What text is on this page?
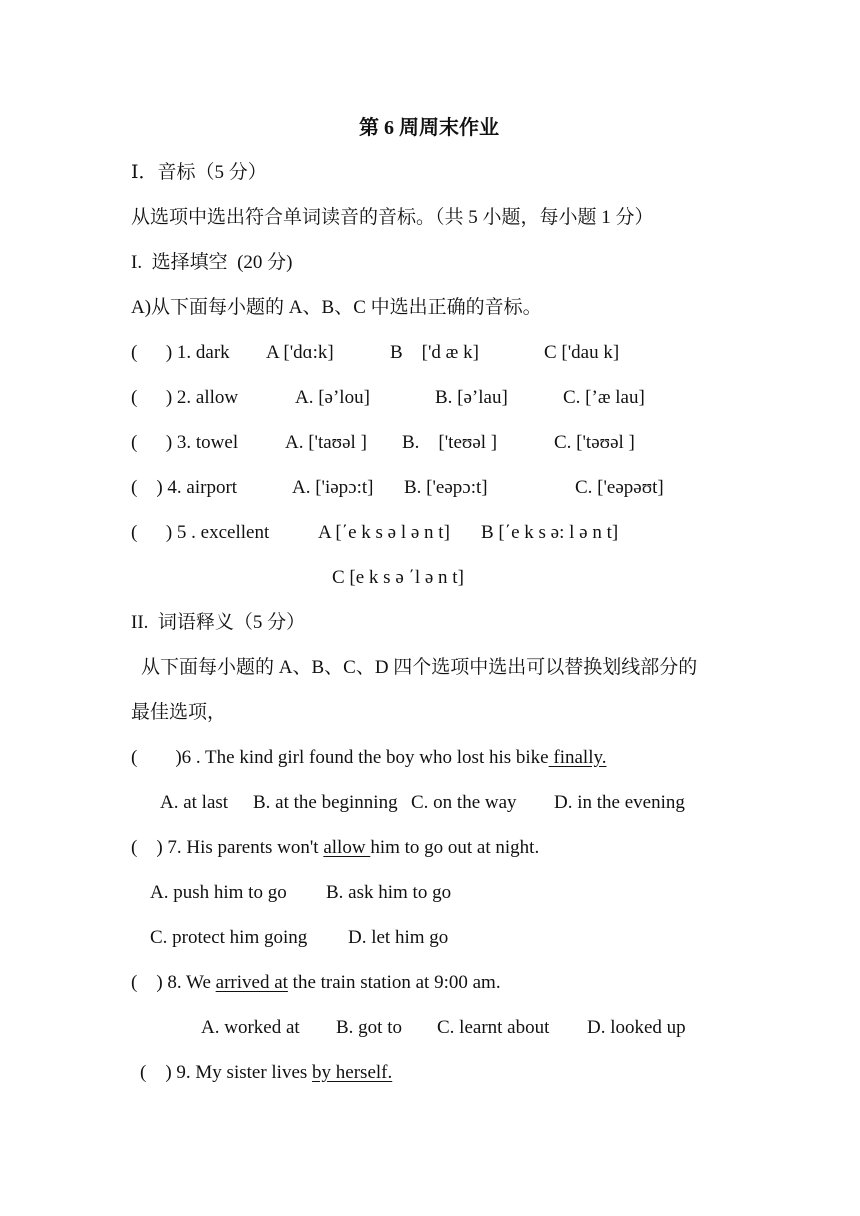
第 6 周周末作业
Ⅰ．音标（5 分）
从选项中选出符合单词读音的音标。（共 5 小题，每小题 1 分）
I.  选择填空  (20 分)
A)从下面每小题的 A、B、C 中选出正确的音标。
(      ) 1. dark A ['dɑ:k]	B    ['d æ k]	C ['dau k]
(      ) 2. allow	A. [ə’lou]	B. [ə’lau]	C. [’æ lau]
(      ) 3. towel A. ['taʊəl ] B.    ['teʊəl ]	C. ['təʊəl ]
(    ) 4. airport	A. ['iəpɔ:t] B. ['eəpɔ:t]	C. ['eəpəʊt]
(      ) 5 . excellent	A [΄e k s ə l ə n t] B [΄e k s ə: l ə n t]
C [e k s ə ΄l ə n t]
II.  词语释义（5 分）
从下面每小题的 A、B、C、D 四个选项中选出可以替换划线部分的
最佳选项，
(        )6 . The kind girl found the boy who lost his bike finally.
A. at last B. at the beginning C. on the way D. in the evening
(    ) 7. His parents won't allow him to go out at night.
A. push him to go B. ask him to go
C. protect him going D. let him go
(    ) 8. We arrived at the train station at 9:00 am.
A. worked at B. got to C. learnt about D. looked up
(    ) 9. My sister lives by herself.
